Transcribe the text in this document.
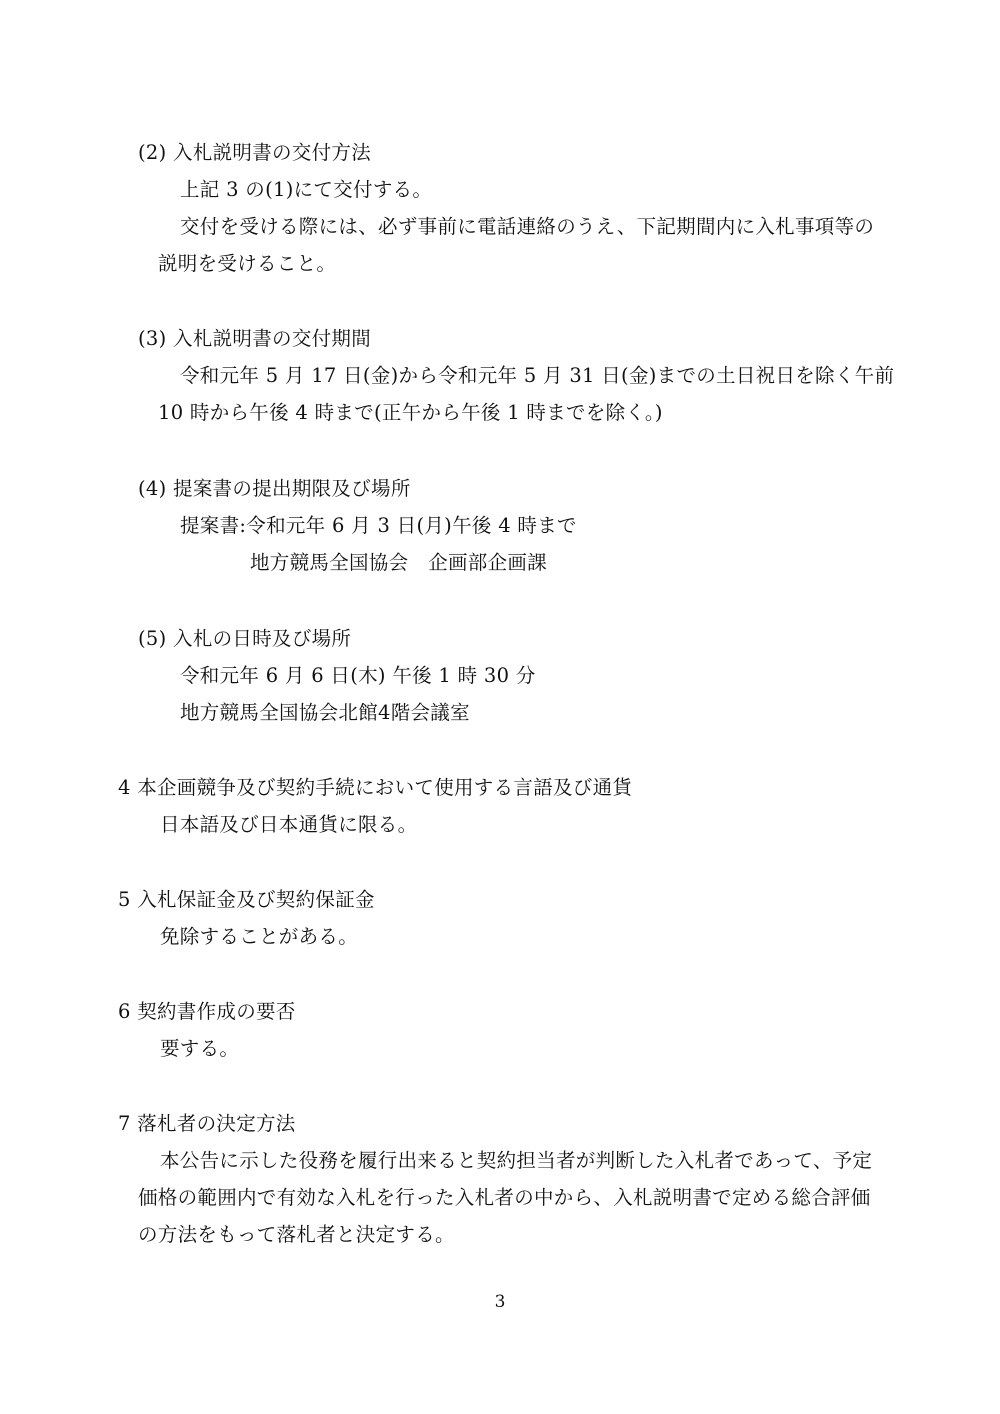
(2) 入札説明書の交付方法
上記 3 の(1)にて交付する。
交付を受ける際には、必ず事前に電話連絡のうえ、下記期間内に入札事項等の
説明を受けること。
(3) 入札説明書の交付期間
令和元年 5 月 17 日(金)から令和元年 5 月 31 日(金)までの土日祝日を除く午前
10 時から午後 4 時まで(正午から午後 1 時までを除く。)
(4) 提案書の提出期限及び場所
提案書:令和元年 6 月 3 日(月)午後 4 時まで
地方競馬全国協会　企画部企画課
(5) 入札の日時及び場所
令和元年 6 月 6 日(木) 午後 1 時 30 分
地方競馬全国協会北館4階会議室
4 本企画競争及び契約手続において使用する言語及び通貨
日本語及び日本通貨に限る。
5 入札保証金及び契約保証金
免除することがある。
6 契約書作成の要否
要する。
7 落札者の決定方法
本公告に示した役務を履行出来ると契約担当者が判断した入札者であって、予定
価格の範囲内で有効な入札を行った入札者の中から、入札説明書で定める総合評価
の方法をもって落札者と決定する。
3
